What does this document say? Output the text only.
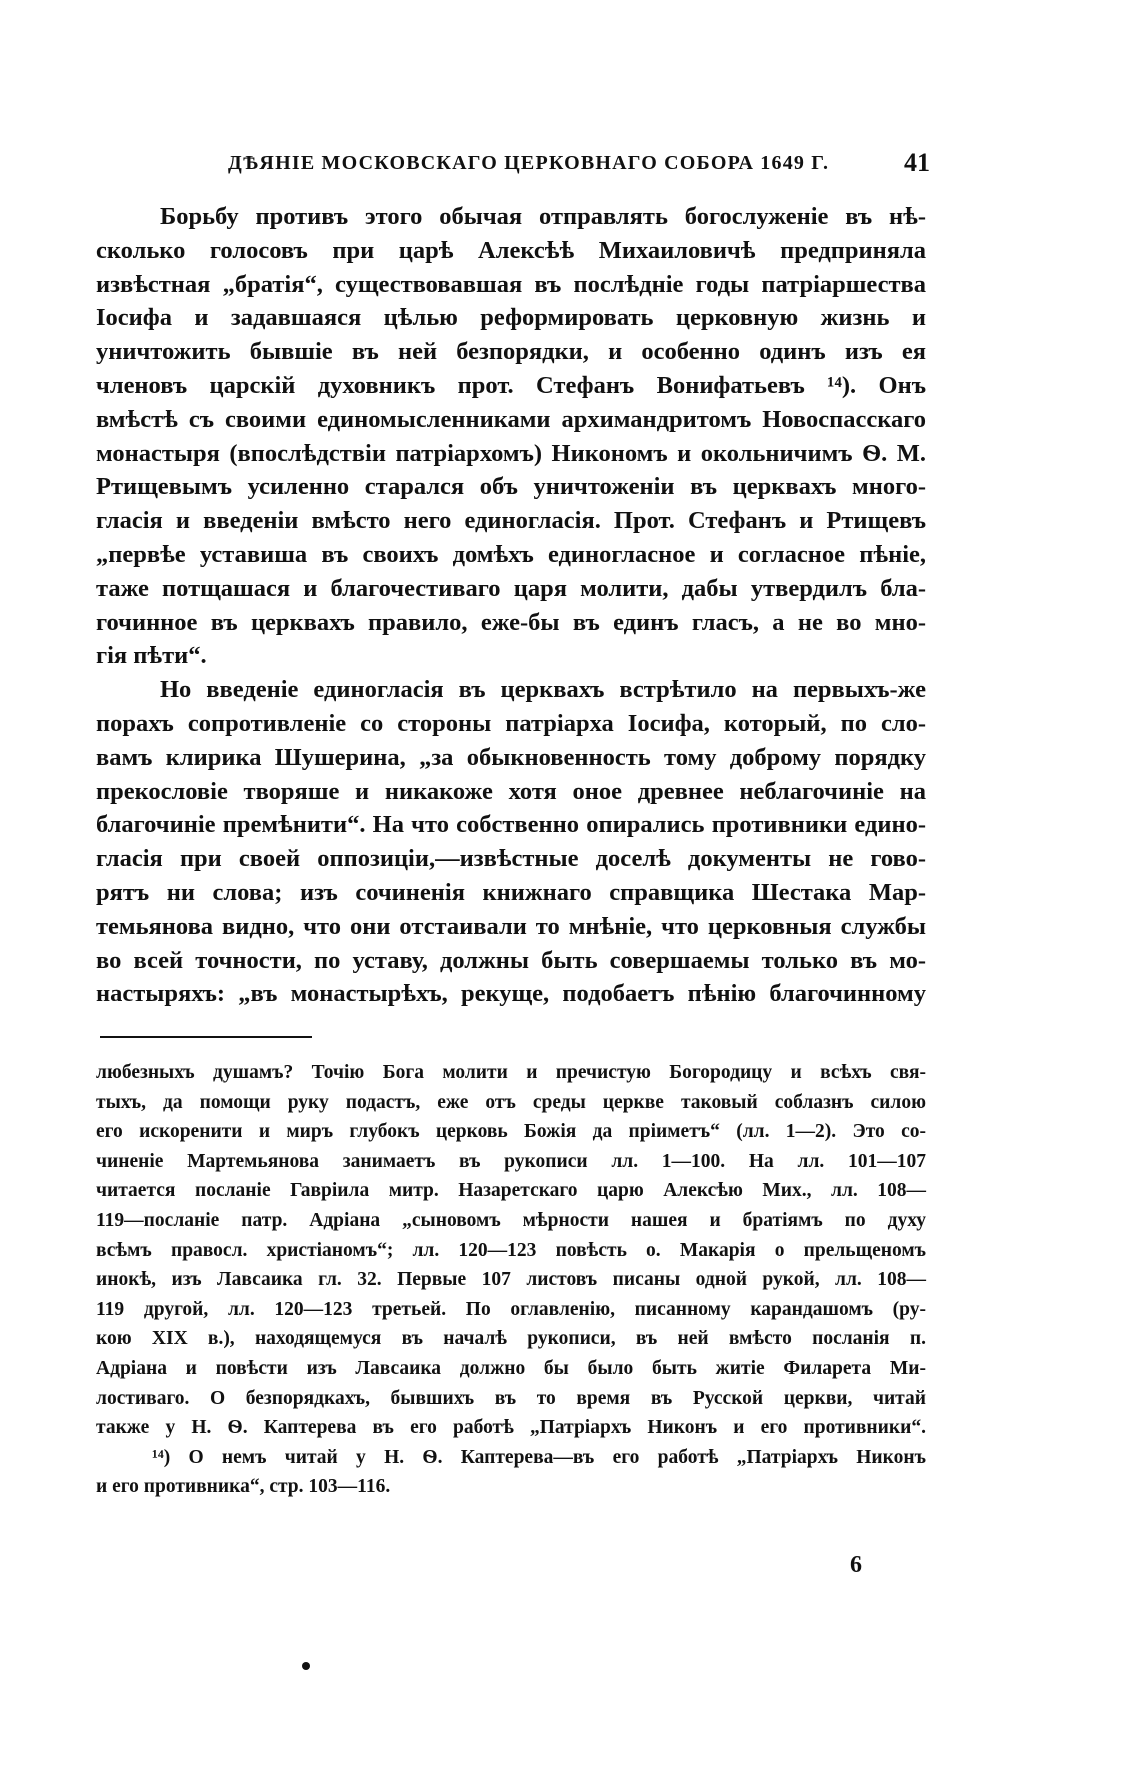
ДѢЯНІЕ МОСКОВСКАГО ЦЕРКОВНАГО СОБОРА 1649 Г.	41
Борьбу противъ этого обычая отправлять богослуженіе въ нѣ-
сколько голосовъ при царѣ Алексѣѣ Михаиловичѣ предприняла
извѣстная „братія“, существовавшая въ послѣдніе годы патріаршества
Іосифа и задавшаяся цѣлью реформировать церковную жизнь и
уничтожить бывшіе въ ней безпорядки, и особенно одинъ изъ ея
членовъ царскій духовникъ прот. Стефанъ Вонифатьевъ ¹⁴). Онъ
вмѣстѣ съ своими единомысленниками архимандритомъ Новоспасскаго
монастыря (впослѣдствіи патріархомъ) Никономъ и окольничимъ Ѳ. М.
Ртищевымъ усиленно старался объ уничтоженіи въ церквахъ много-
гласія и введеніи вмѣсто него единогласія. Прот. Стефанъ и Ртищевъ
„первѣе уставиша въ своихъ домѣхъ единогласное и согласное пѣніе,
таже потщашася и благочестиваго царя молити, дабы утвердилъ бла-
гочинное въ церквахъ правило, еже-бы въ единъ гласъ, а не во мно-
гія пѣти“.
Но введеніе единогласія въ церквахъ встрѣтило на первыхъ-же
порахъ сопротивленіе со стороны патріарха Іосифа, который, по сло-
вамъ клирика Шушерина, „за обыкновенность тому доброму порядку
прекословіе творяше и никакоже хотя оное древнее неблагочиніе на
благочиніе премѣнити“. На что собственно опирались противники едино-
гласія при своей оппозиціи,—извѣстные доселѣ документы не гово-
рятъ ни слова; изъ сочиненія книжнаго справщика Шестака Мар-
темьянова видно, что они отстаивали то мнѣніе, что церковныя службы
во всей точности, по уставу, должны быть совершаемы только въ мо-
настыряхъ: „въ монастырѣхъ, рекуще, подобаетъ пѣнію благочинному
любезныхъ душамъ? Точію Бога молити и пречистую Богородицу и всѣхъ свя-
тыхъ, да помощи руку подастъ, еже отъ среды церкве таковый соблазнъ силою
его искоренити и миръ глубокъ церковь Божія да пріиметъ“ (лл. 1—2). Это со-
чиненіе Мартемьянова занимаетъ въ рукописи лл. 1—100. На лл. 101—107
читается посланіе Гавріила митр. Назаретскаго царю Алексѣю Мих., лл. 108—
119—посланіе патр. Адріана „сыновомъ мѣрности нашея и братіямъ по духу
всѣмъ правосл. христіаномъ“; лл. 120—123 повѣсть о. Макарія о прельщеномъ
инокѣ, изъ Лавсаика гл. 32. Первые 107 листовъ писаны одной рукой, лл. 108—
119 другой, лл. 120—123 третьей. По оглавленію, писанному карандашомъ (ру-
кою XIX в.), находящемуся въ началѣ рукописи, въ ней вмѣсто посланія п.
Адріана и повѣсти изъ Лавсаика должно бы было быть житіе Филарета Ми-
лостиваго. О безпорядкахъ, бывшихъ въ то время въ Русской церкви, читай
также у Н. Ѳ. Каптерева въ его работѣ „Патріархъ Никонъ и его противники“.
¹⁴) О немъ читай у Н. Ѳ. Каптерева—въ его работѣ „Патріархъ Никонъ
и его противника“, стр. 103—116.
6
